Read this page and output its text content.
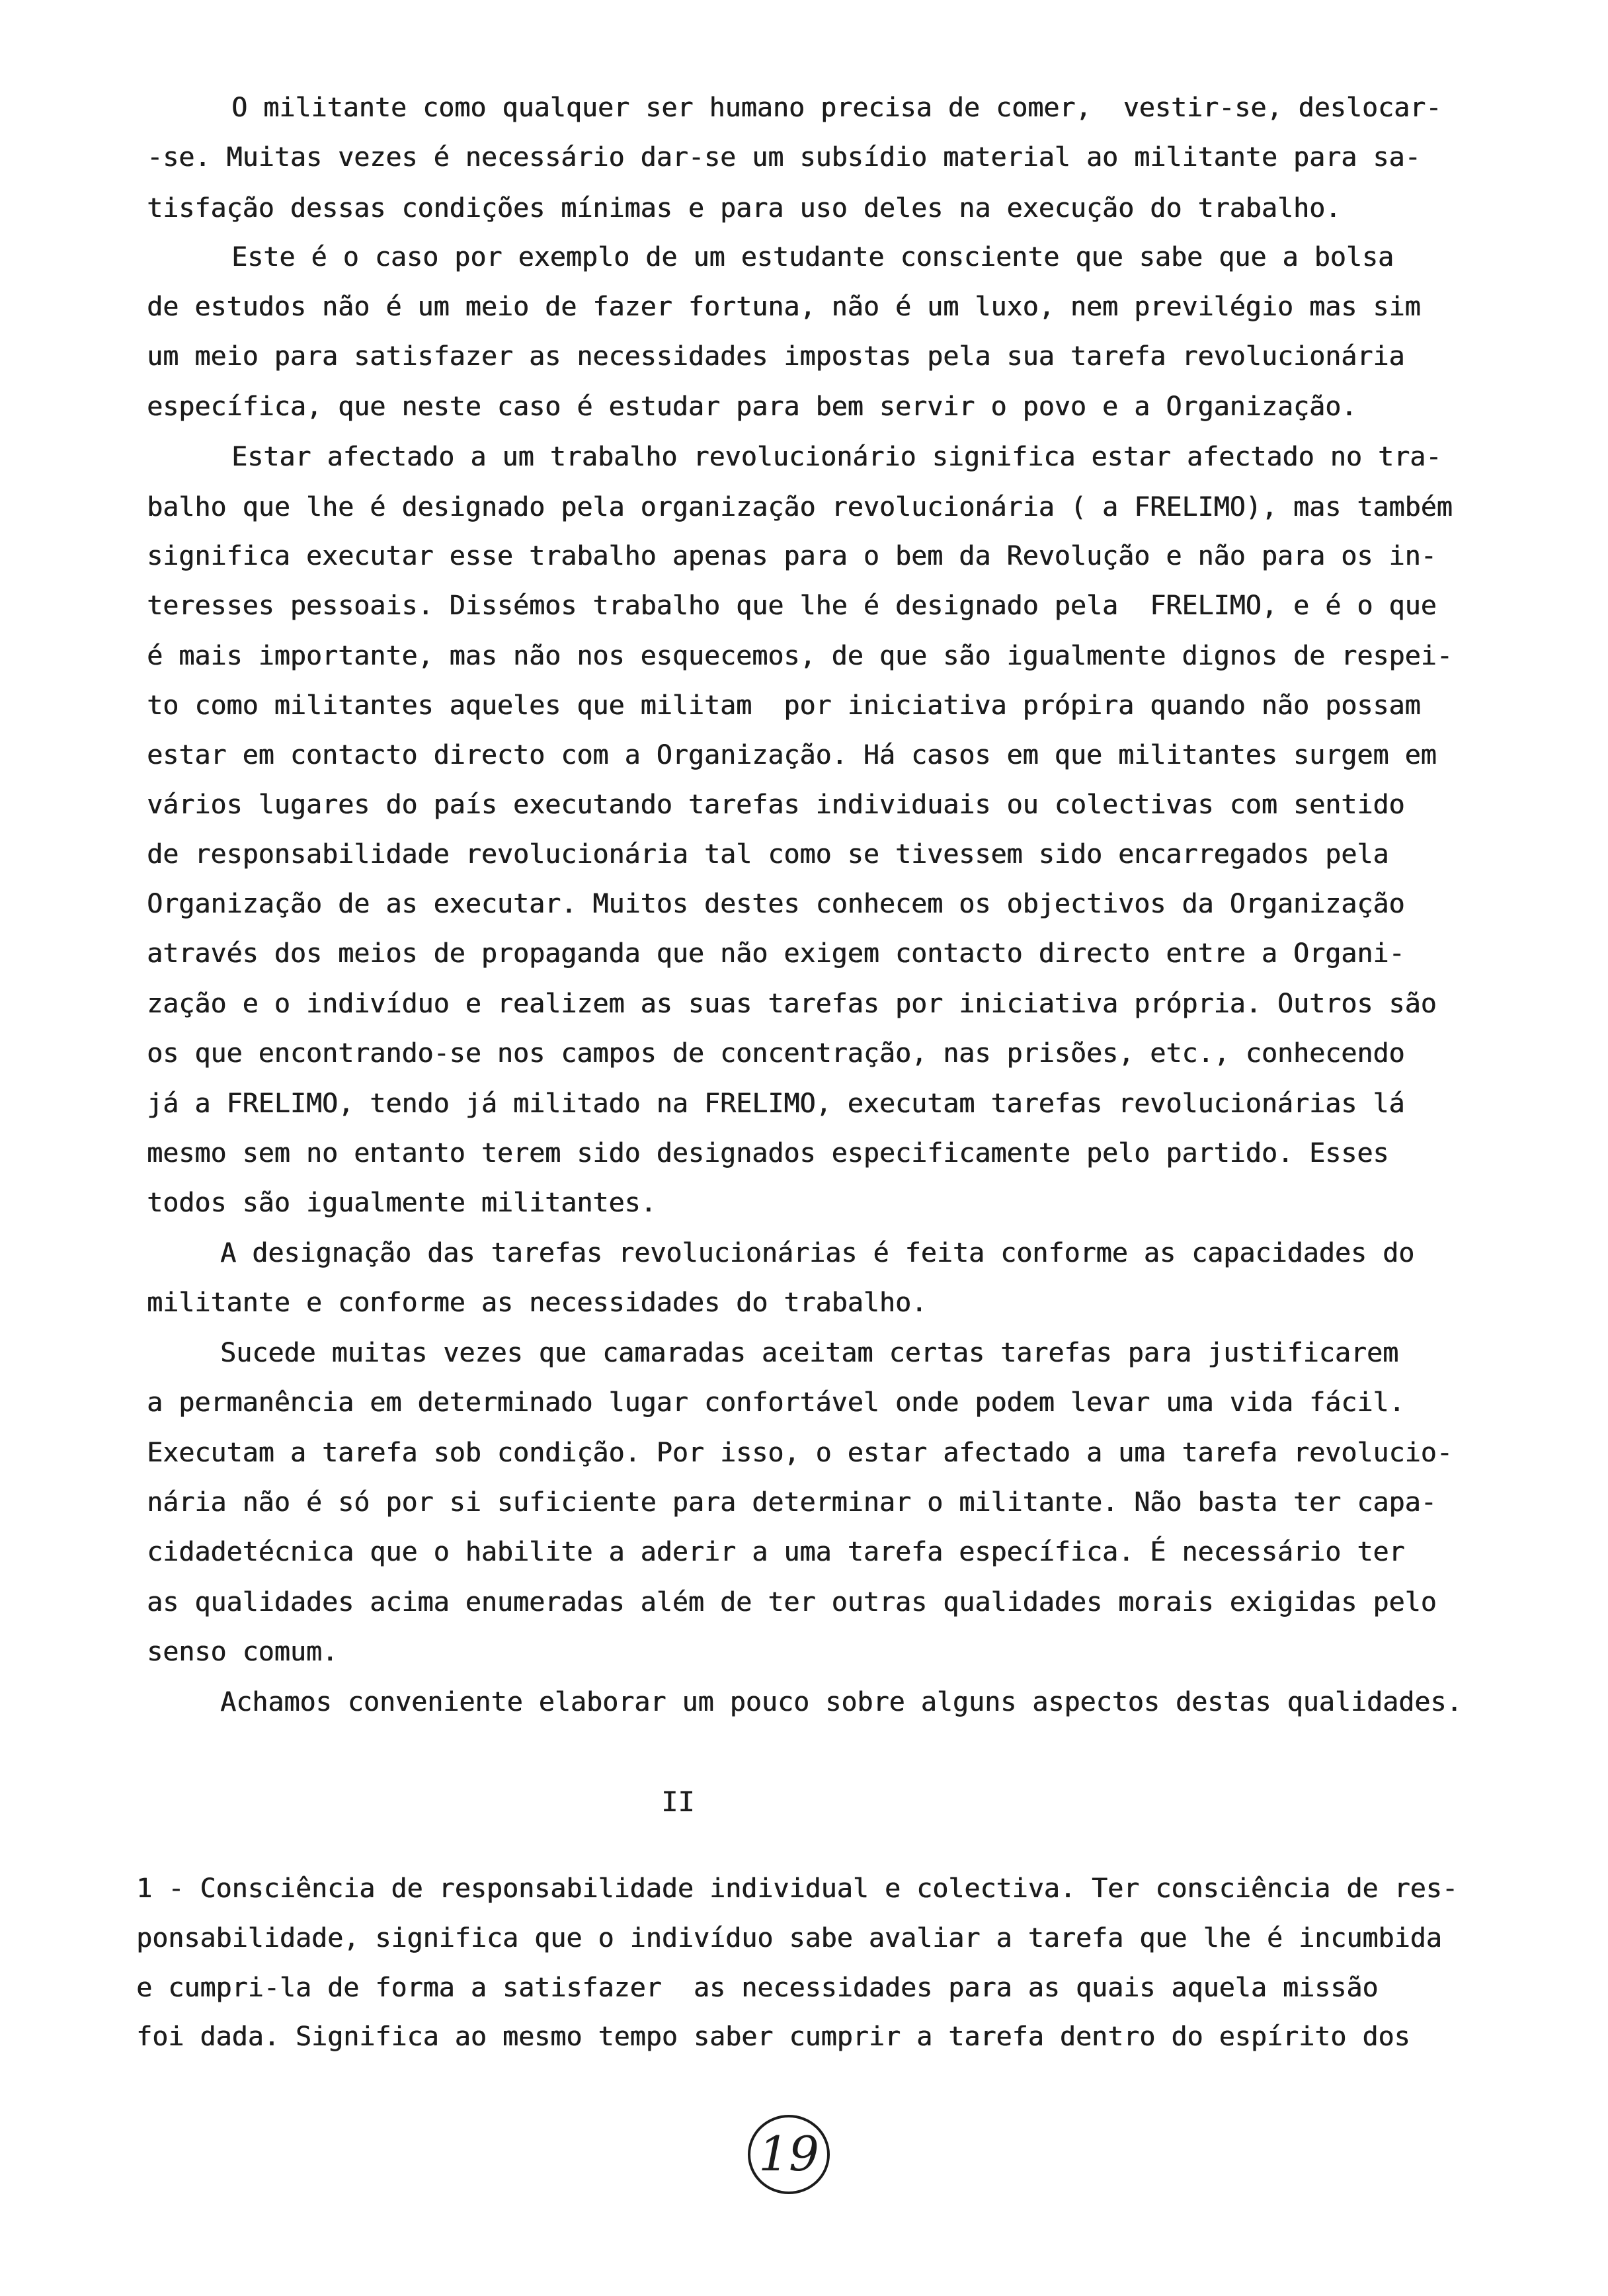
O militante como qualquer ser humano precisa de comer,  vestir-se, deslocar-
-se. Muitas vezes é necessário dar-se um subsídio material ao militante para sa-
tisfação dessas condições mínimas e para uso deles na execução do trabalho.
Este é o caso por exemplo de um estudante consciente que sabe que a bolsa
de estudos não é um meio de fazer fortuna, não é um luxo, nem previlégio mas sim
um meio para satisfazer as necessidades impostas pela sua tarefa revolucionária
específica, que neste caso é estudar para bem servir o povo e a Organização.
Estar afectado a um trabalho revolucionário significa estar afectado no tra-
balho que lhe é designado pela organização revolucionária ( a FRELIMO), mas também
significa executar esse trabalho apenas para o bem da Revolução e não para os in-
teresses pessoais. Dissémos trabalho que lhe é designado pela  FRELIMO, e é o que
é mais importante, mas não nos esquecemos, de que são igualmente dignos de respei-
to como militantes aqueles que militam  por iniciativa própira quando não possam
estar em contacto directo com a Organização. Há casos em que militantes surgem em
vários lugares do país executando tarefas individuais ou colectivas com sentido
de responsabilidade revolucionária tal como se tivessem sido encarregados pela
Organização de as executar. Muitos destes conhecem os objectivos da Organização
através dos meios de propaganda que não exigem contacto directo entre a Organi-
zação e o indivíduo e realizem as suas tarefas por iniciativa própria. Outros são
os que encontrando-se nos campos de concentração, nas prisões, etc., conhecendo
já a FRELIMO, tendo já militado na FRELIMO, executam tarefas revolucionárias lá
mesmo sem no entanto terem sido designados especificamente pelo partido. Esses
todos são igualmente militantes.
A designação das tarefas revolucionárias é feita conforme as capacidades do
militante e conforme as necessidades do trabalho.
Sucede muitas vezes que camaradas aceitam certas tarefas para justificarem
a permanência em determinado lugar confortável onde podem levar uma vida fácil.
Executam a tarefa sob condição. Por isso, o estar afectado a uma tarefa revolucio-
nária não é só por si suficiente para determinar o militante. Não basta ter capa-
cidadetécnica que o habilite a aderir a uma tarefa específica. É necessário ter
as qualidades acima enumeradas além de ter outras qualidades morais exigidas pelo
senso comum.
Achamos conveniente elaborar um pouco sobre alguns aspectos destas qualidades.
II
1 - Consciência de responsabilidade individual e colectiva. Ter consciência de res-
ponsabilidade, significa que o indivíduo sabe avaliar a tarefa que lhe é incumbida
e cumpri-la de forma a satisfazer  as necessidades para as quais aquela missão
foi dada. Significa ao mesmo tempo saber cumprir a tarefa dentro do espírito dos
19
